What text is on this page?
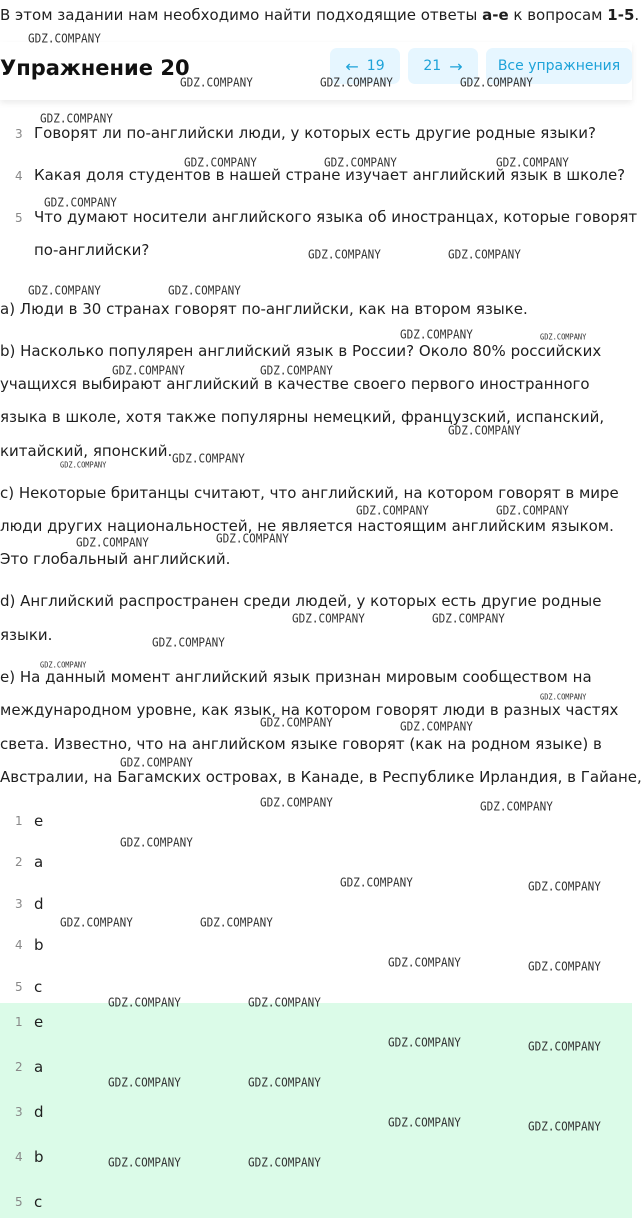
В этом задании нам необходимо найти подходящие ответы a-e к вопросам 1-5.
Упражнение 20	← 19	21 →	Все упражнения
3 Говорят ли по-английски люди, у которых есть другие родные языки?
4 Какая доля студентов в нашей стране изучает английский язык в школе?
5 Что думают носители английского языка об иностранцах, которые говорят
по-английски?
a) Люди в 30 странах говорят по-английски, как на втором языке.
b) Насколько популярен английский язык в России? Около 80% российских
учащихся выбирают английский в качестве своего первого иностранного
языка в школе, хотя также популярны немецкий, французский, испанский,
китайский, японский.
c) Некоторые британцы считают, что английский, на котором говорят в мире
люди других национальностей, не является настоящим английским языком.
Это глобальный английский.
d) Английский распространен среди людей, у которых есть другие родные
языки.
e) На данный момент английский язык признан мировым сообществом на
международном уровне, как язык, на котором говорят люди в разных частях
света. Известно, что на английском языке говорят (как на родном языке) в
Австралии, на Багамских островах, в Канаде, в Республике Ирландия, в Гайане,
1 e
2 a
3 d
4 b
5 c
1 e
2 a
3 d
4 b
5 c
GDZ.COMPANY
GDZ.COMPANY	GDZ.COMPANY	GDZ.COMPANY
GDZ.COMPANY
GDZ.COMPANY	GDZ.COMPANY	GDZ.COMPANY
GDZ.COMPANY
GDZ.COMPANY	GDZ.COMPANY
GDZ.COMPANY	GDZ.COMPANY
GDZ.COMPANY	GDZ.COMPANY
GDZ.COMPANY	GDZ.COMPANY
GDZ.COMPANY
GDZ.COMPANY	GDZ.COMPANY
GDZ.COMPANY	GDZ.COMPANY
GDZ.COMPANY	GDZ.COMPANY
GDZ.COMPANY	GDZ.COMPANY
GDZ.COMPANY
GDZ.COMPANY
GDZ.COMPANY
GDZ.COMPANY	GDZ.COMPANY
GDZ.COMPANY
GDZ.COMPANY	GDZ.COMPANY
GDZ.COMPANY
GDZ.COMPANY	GDZ.COMPANY
GDZ.COMPANY	GDZ.COMPANY
GDZ.COMPANY	GDZ.COMPANY
GDZ.COMPANY	GDZ.COMPANY
GDZ.COMPANY	GDZ.COMPANY
GDZ.COMPANY	GDZ.COMPANY
GDZ.COMPANY	GDZ.COMPANY
GDZ.COMPANY	GDZ.COMPANY
